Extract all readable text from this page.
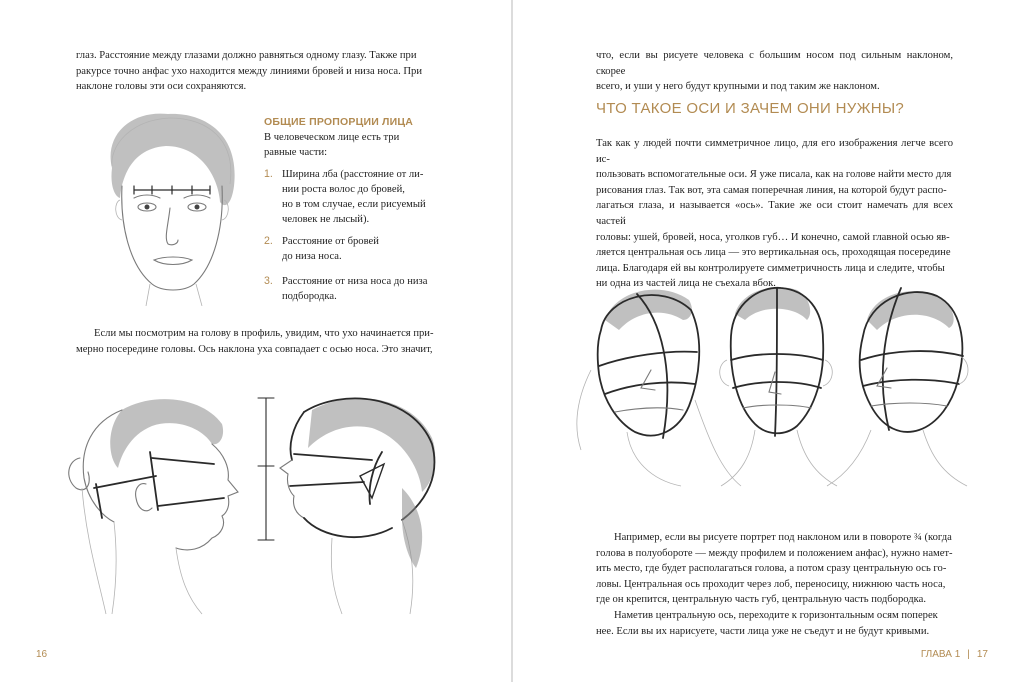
глаз. Расстояние между глазами должно равняться одному глазу. Также при

ракурсе точно анфас ухо находится между линиями бровей и низа носа. При

наклоне головы эти оси сохраняются.

ОБЩИЕ ПРОПОРЦИИ ЛИЦА
В человеческом лице есть три
равные части:
1. Ширина лба (расстояние от ли-
нии роста волос до бровей,
но в том случае, если рисуемый
человек не лысый).
2. Расстояние от бровей
до низа носа.
3. Расстояние от низа носа до низа
подбородка.

Если мы посмотрим на голову в профиль, увидим, что ухо начинается при-

мерно посередине головы. Ось наклона уха совпадает с осью носа. Это значит,

16

что, если вы рисуете человека с большим носом под сильным наклоном, скорее

всего, и уши у него будут крупными и под таким же наклоном.

ЧТО ТАКОЕ ОСИ И ЗАЧЕМ ОНИ НУЖНЫ?

Так как у людей почти симметричное лицо, для его изображения легче всего ис-

пользовать вспомогательные оси. Я уже писала, как на голове найти место для

рисования глаз. Так вот, эта самая поперечная линия, на которой будут распо-

лагаться глаза, и называется «ось». Такие же оси стоит намечать для всех частей

головы: ушей, бровей, носа, уголков губ… И конечно, самой главной осью яв-

ляется центральная ось лица — это вертикальная ось, проходящая посередине

лица. Благодаря ей вы контролируете симметричность лица и следите, чтобы

ни одна из частей лица не съехала вбок.

Например, если вы рисуете портрет под наклоном или в повороте ¾ (когда

голова в полуобороте — между профилем и положением анфас), нужно намет-

ить место, где будет располагаться голова, а потом сразу центральную ось го-

ловы. Центральная ось проходит через лоб, переносицу, нижнюю часть носа,

где он крепится, центральную часть губ, центральную часть подбородка.

Наметив центральную ось, переходите к горизонтальным осям поперек

нее. Если вы их нарисуете, части лица уже не съедут и не будут кривыми.

ГЛАВА 1 | 17
